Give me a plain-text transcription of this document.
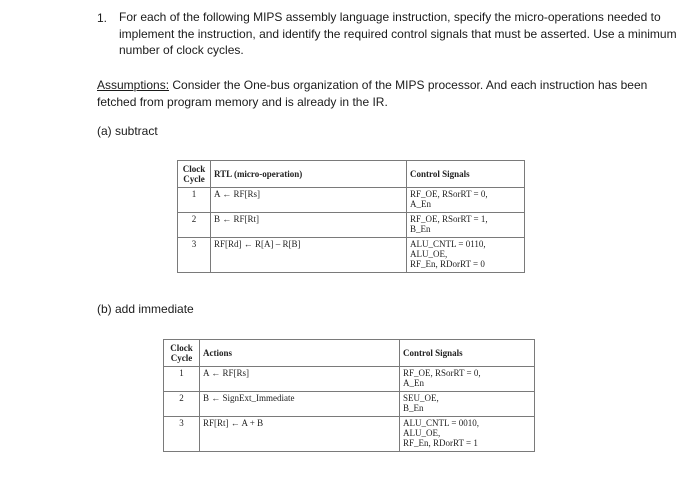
1. For each of the following MIPS assembly language instruction, specify the micro-operations needed to implement the instruction, and identify the required control signals that must be asserted. Use a minimum number of clock cycles.
Assumptions: Consider the One-bus organization of the MIPS processor. And each instruction has been fetched from program memory and is already in the IR.
(a) subtract
Clock
Cycle	RTL (micro-operation)	Control Signals
1	A ← RF[Rs]	RF_OE, RSorRT = 0,
A_En
2	B ← RF[Rt]	RF_OE, RSorRT = 1,
B_En
3	RF[Rd] ← R[A] – R[B]	ALU_CNTL = 0110,
ALU_OE,
RF_En, RDorRT = 0
(b) add immediate
Clock
Cycle	Actions	Control Signals
1	A ← RF[Rs]	RF_OE, RSorRT = 0,
A_En
2	B ← SignExt_Immediate	SEU_OE,
B_En
3	RF[Rt] ← A + B	ALU_CNTL = 0010,
ALU_OE,
RF_En, RDorRT = 1
